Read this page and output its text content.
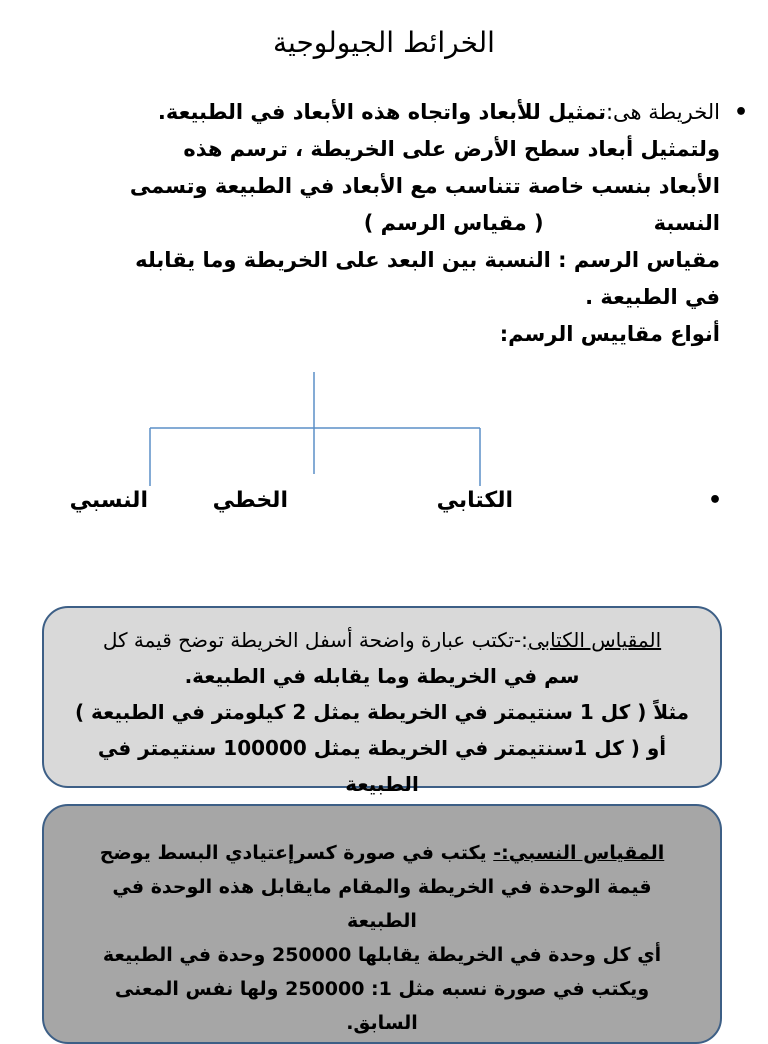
الخرائط الجيولوجية
•
الخريطة هى:تمثيل للأبعاد واتجاه هذه الأبعاد في الطبيعة.
ولتمثيل أبعاد سطح الأرض على الخريطة ، ترسم هذه
الأبعاد بنسب خاصة تتناسب مع الأبعاد في الطبيعة وتسمى
النسبة( مقياس الرسم )
مقياس الرسم : النسبة بين البعد على الخريطة وما يقابله
في الطبيعة .
أنواع مقاييس الرسم:
•
الكتابي
الخطي
النسبي
المقياس الكتابى:-تكتب عبارة واضحة أسفل الخريطة توضح قيمة كل
سم في الخريطة وما يقابله في الطبيعة.
مثلاً ( كل 1 سنتيمتر في الخريطة يمثل 2 كيلومتر في الطبيعة )
أو ( كل 1سنتيمتر في الخريطة يمثل 100000 سنتيمتر في الطبيعة
المقياس النسبي:- يكتب في صورة كسرإعتيادي البسط يوضح
قيمة الوحدة في الخريطة والمقام مايقابل هذه الوحدة في الطبيعة
أي كل وحدة في الخريطة يقابلها 250000 وحدة في الطبيعة
ويكتب في صورة نسبه مثل 1: 250000 ولها نفس المعنى
السابق.
